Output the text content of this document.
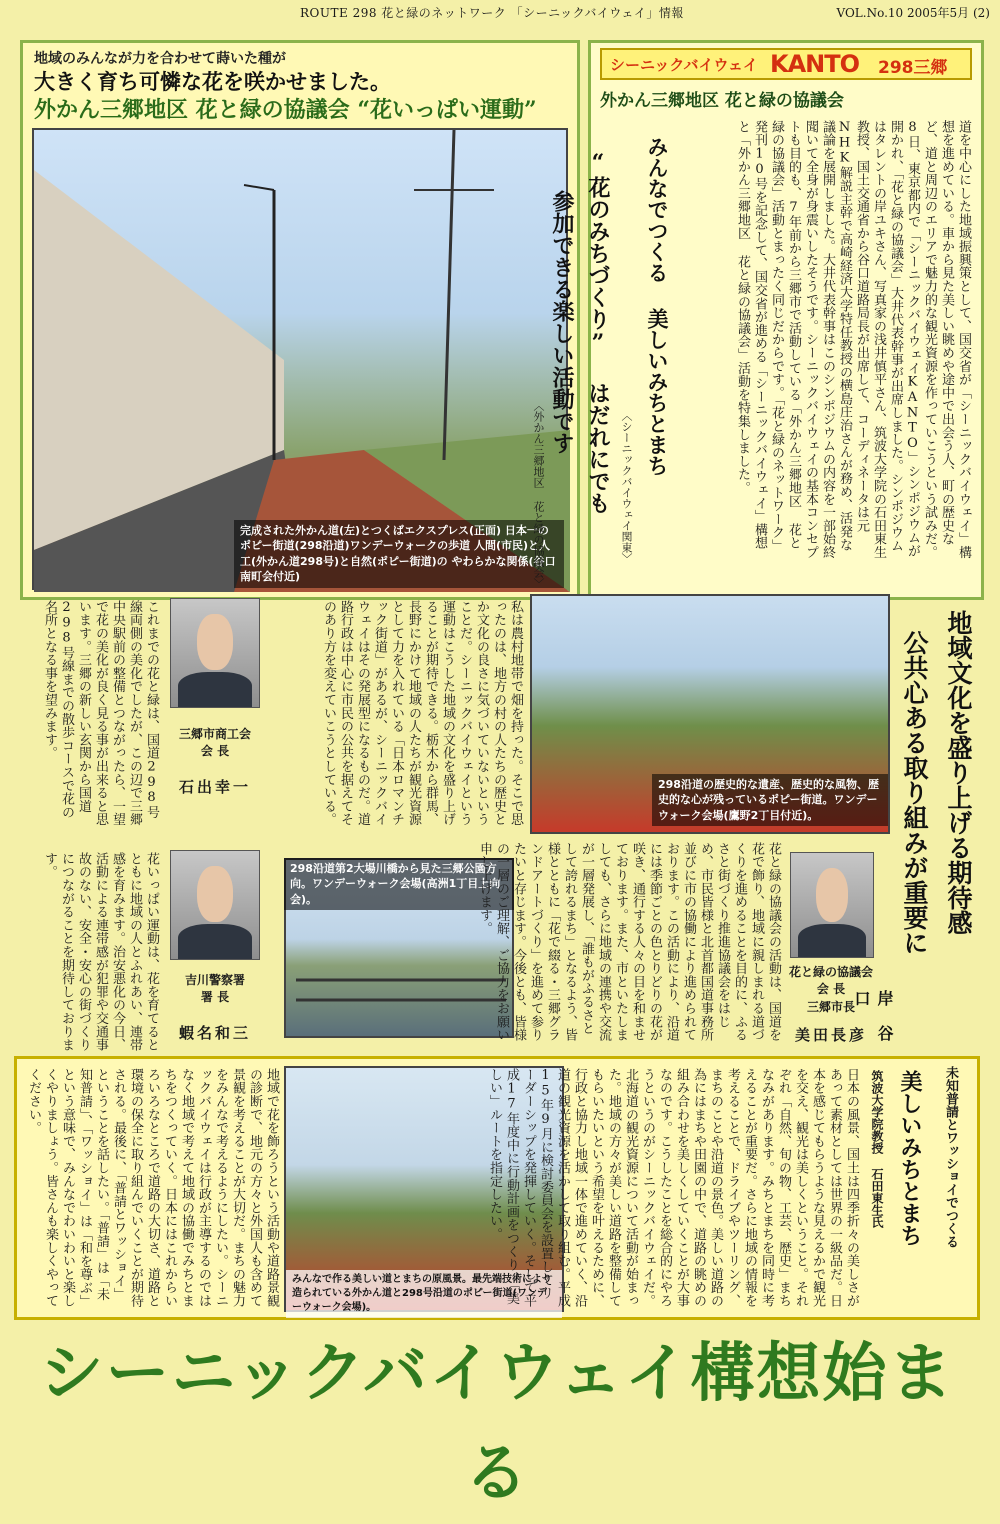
ROUTE 298 花と緑のネットワーク 「シーニックバイウェイ」情報	VOL.No.10 2005年5月 (2)
地域のみんなが力を合わせて蒔いた種が
大きく育ち可憐な花を咲かせました。
外かん三郷地区 花と緑の協議会 “花いっぱい運動”
完成された外かん道(左)とつくばエクスプレス(正面) 日本一のポピー街道(298沿道)ワンデーウォークの歩道 人間(市民)と人工(外かん道298号)と自然(ポピー街道)の やわらかな関係(谷口南町会付近)
シーニックバイウェイ KANTO 298三郷
外かん三郷地区 花と緑の協議会
道を中心にした地域振興策として、国交省が「シーニックバイウェイ」構想を進めている。車から見た美しい眺めや途中で出会う人、町の歴史など、道と周辺のエリアで魅力的な観光資源を作っていこうという試みだ。8日、東京都内で「シーニックバイウェイKANTO」シンポジウムが開かれ、「花と緑の協議会」大井代表幹事が出席しました。シンポジウムはタレントの岸ユキさん、写真家の浅井慎平さん、筑波大学院の石田東生教授、国土交通省から谷口道路局長が出席して、コーディネータは元NHK解説主幹で高崎経済大学特任教授の横島庄治さんが務め、活発な議論を展開しました。大井代表幹事はこのシンポジウムの内容を一部始終聞いて全身が身震いしたそうです。シーニックバイウェイの基本コンセプトも目的も、7年前から三郷市で活動している「外かん三郷地区 花と緑の協議会」活動とまったく同じだからです。「花と緑のネットワーク」発刊10号を記念して、国交省が進める「シーニックバイウェイ」構想と「外かん三郷地区 花と緑の協議会」活動を特集しました。
みんなでつくる 美しいみちとまち
〈シーニックバイウェイ関東〉
“花のみちづくり” はだれにでも
参加できる楽しい活動です
〈外かん三郷地区 花と緑の協議会〉
地域文化を盛り上げる期待感
公共心ある取り組みが重要に
岸 谷口
私は農村地帯で畑を持った。そこで思ったのは、地方の村の人たちの歴史とか文化の良さに気づいていないということだ。シーニックバイウェイという運動はこうした地域の文化を盛り上げることが期待できる。栃木から群馬、長野にかけて地域の人たちが観光資源として力を入れている「日本ロマンチック街道」があるが、シーニックバイウェイはその発展型になるものだ。道路行政は中心に市民の公共を据えてそのあり方を変えていこうとしている。	298沿道の歴史的な遺産、歴史的な風物、歴史的な心が残っているポピー街道。ワンデーウォーク会場(鷹野2丁目付近)。
三郷市商工会
会 長
石出幸一
これまでの花と緑は、国道298号線両側の美化でしたが、この辺で三郷中央駅前の整備とつながったら、一望で花の美化が良く見る事が出来ると思います。三郷の新しい玄関から国道298号線までの散歩コースで花の名所となる事を望みます。
吉川警察署
署 長
蝦名和三
花いっぱい運動は、花を育てるとともに地域の人とふれあい、連帯感を育みます。治安悪化の今日、活動による連帯感が犯罪や交通事故のない、安全・安心の街づくりにつながることを期待しております。	298沿道第2大場川橋から見た三郷公園方向。ワンデーウォーク会場(高洲1丁目上向会)。	花と緑の協議会の活動は、国道を花で飾り、地域に親しまれる道づくりを進めることを目的に、ふるさと街づくり推進協議会をはじめ、市民皆様と北首都国道事務所並びに市の協働により進められております。この活動により、沿道には季節ごとの色とりどりの花が咲き、通行する人々の目を和ませております。また、市といたしましても、さらに地域の連携や交流が一層発展し、「誰もがふるさとして誇れるまち」となるよう、皆様とともに「花で綴る・三郷グランドアートづくり」を進めて参りたいと存じます。今後とも、皆様の一層のご理解、ご協力をお願い申し上げます。
花と緑の協議会
会 長
三郷市長
美田長彦
地域で花を飾ろうという活動や道路景観の診断で、地元の方々と外国人も含めて景観を考えることが大切だ。まちの魅力をみんなで考えるようにしたい。シーニックバイウェイは行政が主導するのではなく地域で考えて地域の協働でみちとまちをつくっていく。日本にはこれからいろいろなところで道路の大切さ、道路と環境の保全に取り組んでいくことが期待される。最後に、「普請とワッショイ」ということを話したい。「普請」は「未知普請」、「ワッショイ」は「和を尊ぶ」という意味で、みんなでわいわいと楽しくやりましょう。皆さんも楽しくやってください。
みんなで作る美しい道とまちの原風景。最先端技術により造られている外かん道と298号沿道のポピー街道(ワンデーウォーク会場)。
日本の風景、国土は四季折々の美しさがあって素材としては世界の一級品だ。日本を感じてもらうような見えるかで観光を交え、観光は美しくということ。それぞれ「自然、旬の物、工芸、歴史」まちなみがあります。みちとまちを同時に考えることが重要だ。さらに地域の情報を考えることで、ドライブやツーリング、まちのことや沿道の景色。美しい道路の為にはまちや田園の中で、道路の眺めの組み合わせを美しくしていくことが大事なのです。こうしたことを総合的にやろうというのがシーニックバイウェイだ。北海道の観光資源について活動が始まった。地域の方々が美しい道路を整備してもらいたいという希望を叶えるために、行政と協力し地域一体で進めていく、沿道の観光資源を活かして取り組む。平成15年9月に検討委員会を設置してリーダーシップを発揮していく。そして平成17年度中に行動計画をつくり、「美しい」ルートを指定したい。	美しいみちとまち 未知普請とワッショイでつくる
筑波大学院教授 石田東生氏
シーニックバイウェイ構想始まる
